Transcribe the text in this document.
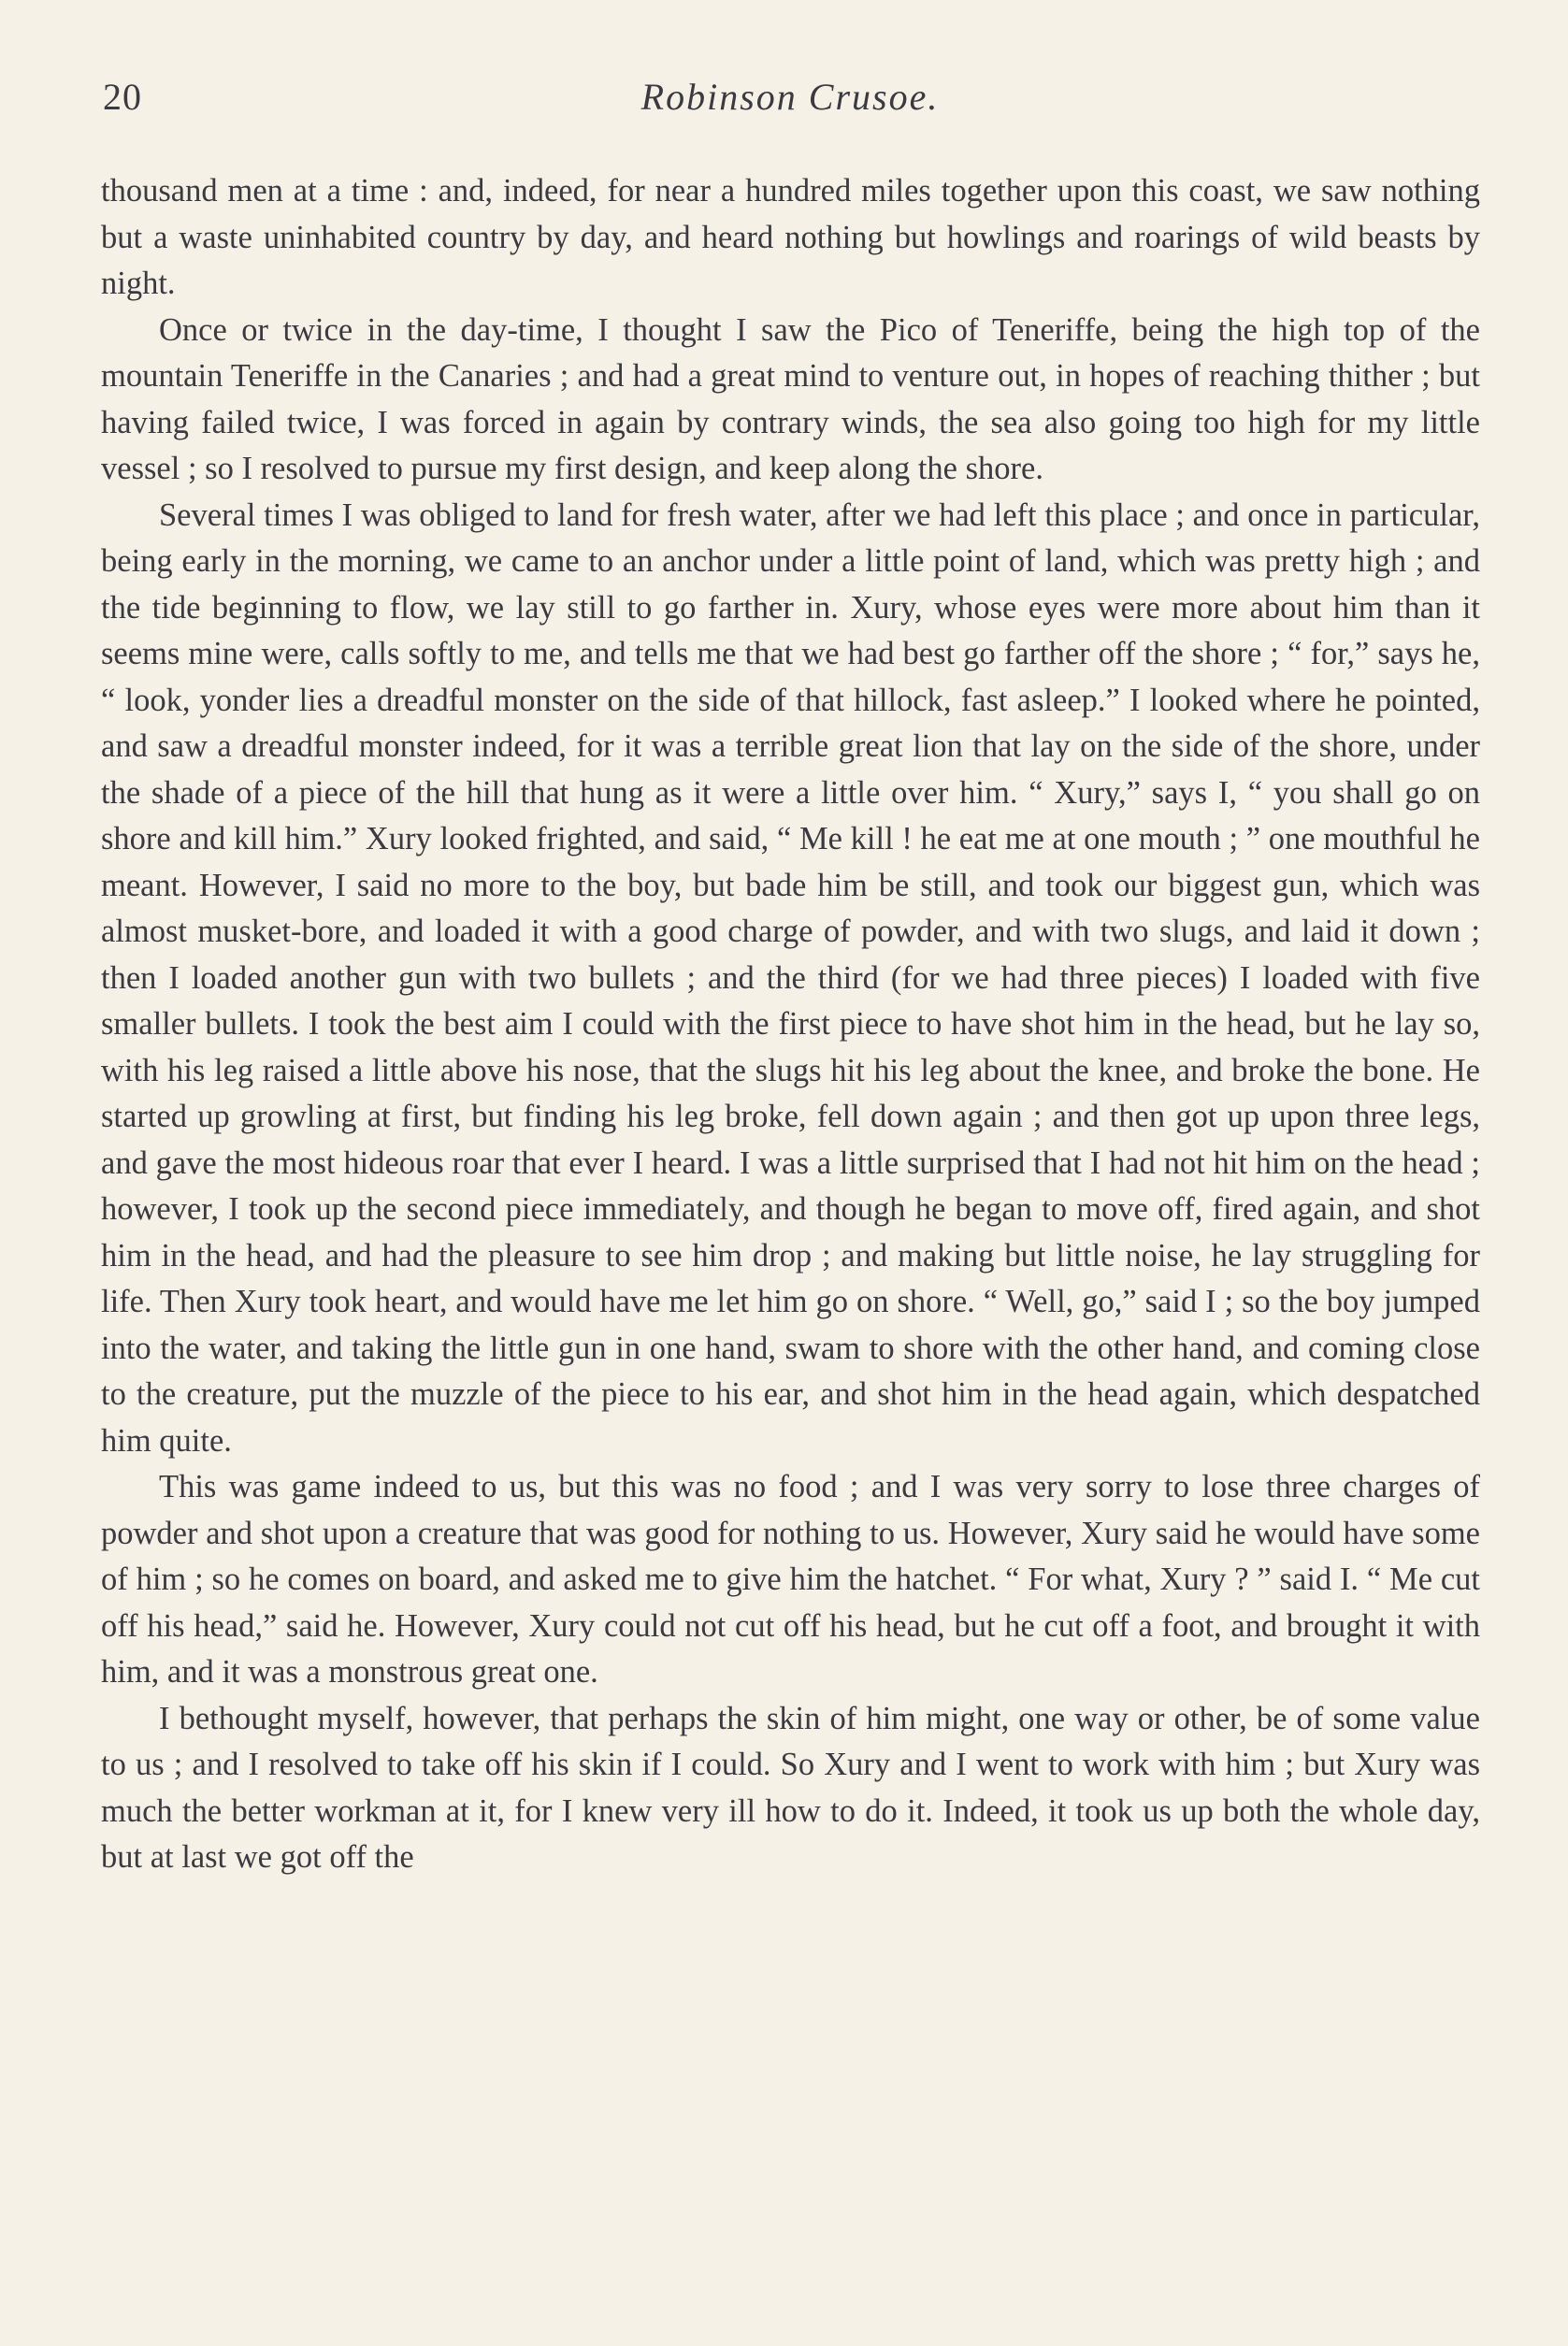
20	Robinson Crusoe.

thousand men at a time : and, indeed, for near a hundred miles together upon this coast, we saw nothing but a waste uninhabited country by day, and heard nothing but howlings and roarings of wild beasts by night.

Once or twice in the day-time, I thought I saw the Pico of Teneriffe, being the high top of the mountain Teneriffe in the Canaries ; and had a great mind to venture out, in hopes of reaching thither ; but having failed twice, I was forced in again by contrary winds, the sea also going too high for my little vessel ; so I resolved to pursue my first design, and keep along the shore.

Several times I was obliged to land for fresh water, after we had left this place ; and once in particular, being early in the morning, we came to an anchor under a little point of land, which was pretty high ; and the tide beginning to flow, we lay still to go farther in. Xury, whose eyes were more about him than it seems mine were, calls softly to me, and tells me that we had best go farther off the shore ; “ for,” says he, “ look, yonder lies a dreadful monster on the side of that hillock, fast asleep.” I looked where he pointed, and saw a dreadful monster indeed, for it was a terrible great lion that lay on the side of the shore, under the shade of a piece of the hill that hung as it were a little over him. “ Xury,” says I, “ you shall go on shore and kill him.” Xury looked frighted, and said, “ Me kill ! he eat me at one mouth ; ” one mouthful he meant. However, I said no more to the boy, but bade him be still, and took our biggest gun, which was almost musket-bore, and loaded it with a good charge of powder, and with two slugs, and laid it down ; then I loaded another gun with two bullets ; and the third (for we had three pieces) I loaded with five smaller bullets. I took the best aim I could with the first piece to have shot him in the head, but he lay so, with his leg raised a little above his nose, that the slugs hit his leg about the knee, and broke the bone. He started up growling at first, but finding his leg broke, fell down again ; and then got up upon three legs, and gave the most hideous roar that ever I heard. I was a little surprised that I had not hit him on the head ; however, I took up the second piece immediately, and though he began to move off, fired again, and shot him in the head, and had the pleasure to see him drop ; and making but little noise, he lay struggling for life. Then Xury took heart, and would have me let him go on shore. “ Well, go,” said I ; so the boy jumped into the water, and taking the little gun in one hand, swam to shore with the other hand, and coming close to the creature, put the muzzle of the piece to his ear, and shot him in the head again, which despatched him quite.

This was game indeed to us, but this was no food ; and I was very sorry to lose three charges of powder and shot upon a creature that was good for nothing to us. However, Xury said he would have some of him ; so he comes on board, and asked me to give him the hatchet. “ For what, Xury ? ” said I. “ Me cut off his head,” said he. However, Xury could not cut off his head, but he cut off a foot, and brought it with him, and it was a monstrous great one.

I bethought myself, however, that perhaps the skin of him might, one way or other, be of some value to us ; and I resolved to take off his skin if I could. So Xury and I went to work with him ; but Xury was much the better workman at it, for I knew very ill how to do it. Indeed, it took us up both the whole day, but at last we got off the
